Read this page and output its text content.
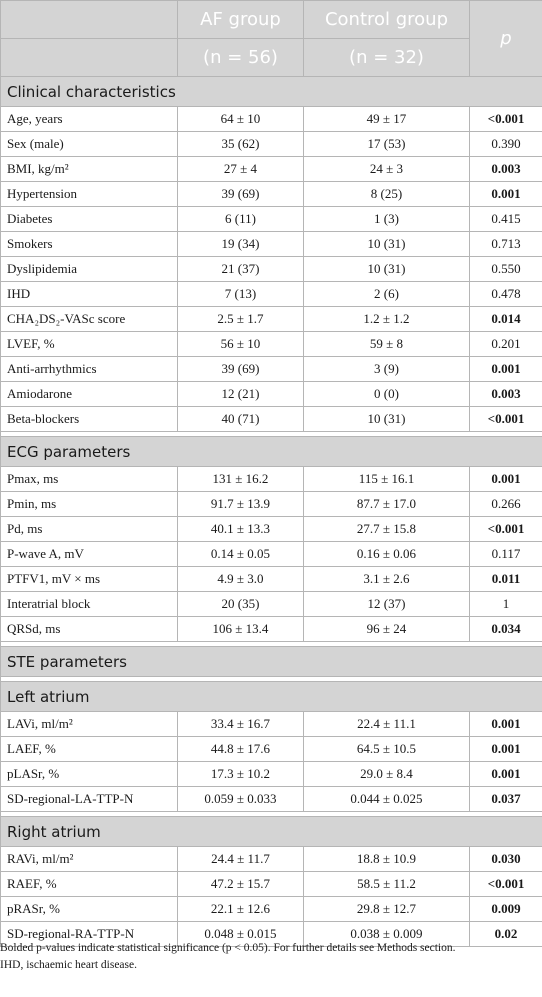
	AF group	Control group	p
	(n = 56)	(n = 32)	
Clinical characteristics			
Age, years	64 ± 10	49 ± 17	<0.001
Sex (male)	35 (62)	17 (53)	0.390
BMI, kg/m²	27 ± 4	24 ± 3	0.003
Hypertension	39 (69)	8 (25)	0.001
Diabetes	6 (11)	1 (3)	0.415
Smokers	19 (34)	10 (31)	0.713
Dyslipidemia	21 (37)	10 (31)	0.550
IHD	7 (13)	2 (6)	0.478
CHA₂DS₂-VASc score	2.5 ± 1.7	1.2 ± 1.2	0.014
LVEF, %	56 ± 10	59 ± 8	0.201
Anti-arrhythmics	39 (69)	3 (9)	0.001
Amiodarone	12 (21)	0 (0)	0.003
Beta-blockers	40 (71)	10 (31)	<0.001

ECG parameters			
Pmax, ms	131 ± 16.2	115 ± 16.1	0.001
Pmin, ms	91.7 ± 13.9	87.7 ± 17.0	0.266
Pd, ms	40.1 ± 13.3	27.7 ± 15.8	<0.001
P-wave A, mV	0.14 ± 0.05	0.16 ± 0.06	0.117
PTFV1, mV × ms	4.9 ± 3.0	3.1 ± 2.6	0.011
Interatrial block	20 (35)	12 (37)	1
QRSd, ms	106 ± 13.4	96 ± 24	0.034

STE parameters			

Left atrium			
LAVi, ml/m²	33.4 ± 16.7	22.4 ± 11.1	0.001
LAEF, %	44.8 ± 17.6	64.5 ± 10.5	0.001
pLASr, %	17.3 ± 10.2	29.0 ± 8.4	0.001
SD-regional-LA-TTP-N	0.059 ± 0.033	0.044 ± 0.025	0.037

Right atrium			
RAVi, ml/m²	24.4 ± 11.7	18.8 ± 10.9	0.030
RAEF, %	47.2 ± 15.7	58.5 ± 11.2	<0.001
pRASr, %	22.1 ± 12.6	29.8 ± 12.7	0.009
SD-regional-RA-TTP-N	0.048 ± 0.015	0.038 ± 0.009	0.02

Bolded p-values indicate statistical significance (p < 0.05). For further details see Methods section.

IHD, ischaemic heart disease.
